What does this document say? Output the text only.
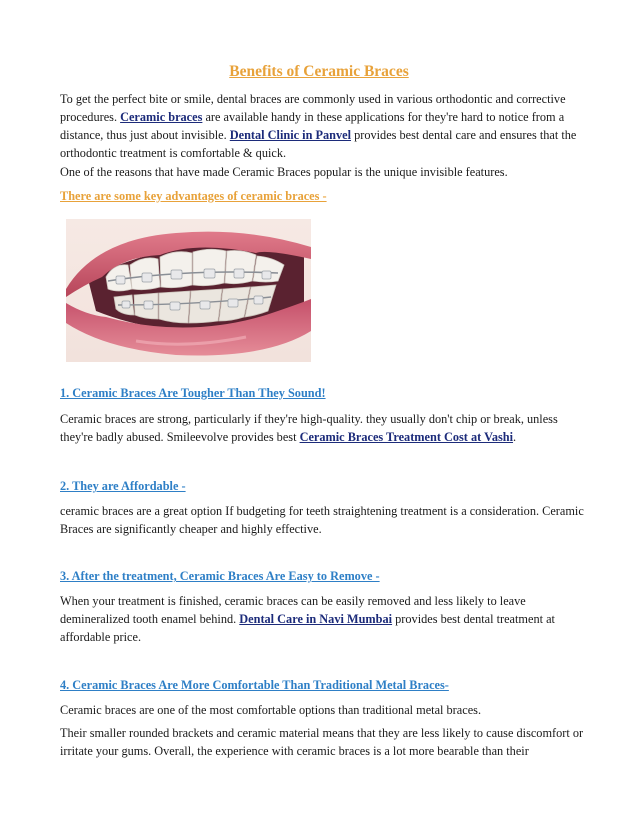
Benefits of Ceramic Braces

To get the perfect bite or smile, dental braces are commonly used in various orthodontic and corrective procedures. Ceramic braces are available handy in these applications for they're hard to notice from a distance, thus just about invisible. Dental Clinic in Panvel provides best dental care and ensures that the orthodontic treatment is comfortable & quick.

One of the reasons that have made Ceramic Braces popular is the unique invisible features.

There are some key advantages of ceramic braces -
1. Ceramic Braces Are Tougher Than They Sound!

Ceramic braces are strong, particularly if they're high-quality. they usually don't chip or break, unless they're badly abused. Smileevolve provides best Ceramic Braces Treatment Cost at Vashi.

2. They are Affordable -

ceramic braces are a great option If budgeting for teeth straightening treatment is a consideration. Ceramic Braces are significantly cheaper and highly effective.

3. After the treatment, Ceramic Braces Are Easy to Remove -

When your treatment is finished, ceramic braces can be easily removed and less likely to leave demineralized tooth enamel behind. Dental Care in Navi Mumbai provides best dental treatment at affordable price.

4. Ceramic Braces Are More Comfortable Than Traditional Metal Braces-

Ceramic braces are one of the most comfortable options than traditional metal braces.

Their smaller rounded brackets and ceramic material means that they are less likely to cause discomfort or irritate your gums. Overall, the experience with ceramic braces is a lot more bearable than their
